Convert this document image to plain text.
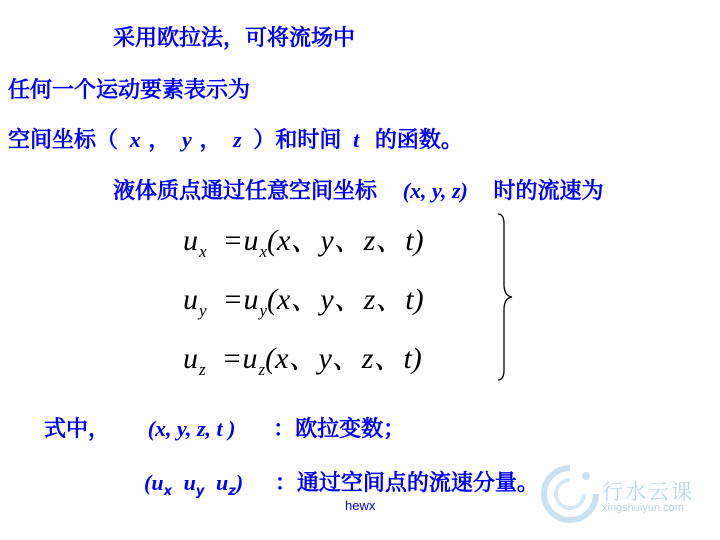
采用欧拉法，可将流场中
任何一个运动要素表示为
空间坐标（ x ， y ， z ）和时间 t 的函数。
液体质点通过任意空间坐标 (x, y, z) 时的流速为
$u_x =u_x(x$、y、z、t)
$u_y =u_y(x$、y、z、t)
$u_z =u_z(x$、y、z、t)
式中， (x, y, z, t ) ：欧拉变数；
($u_x$ $u_y$ $u_z$) ：通过空间点的流速分量。	行水云课
xingshuiyun.com
hewx
